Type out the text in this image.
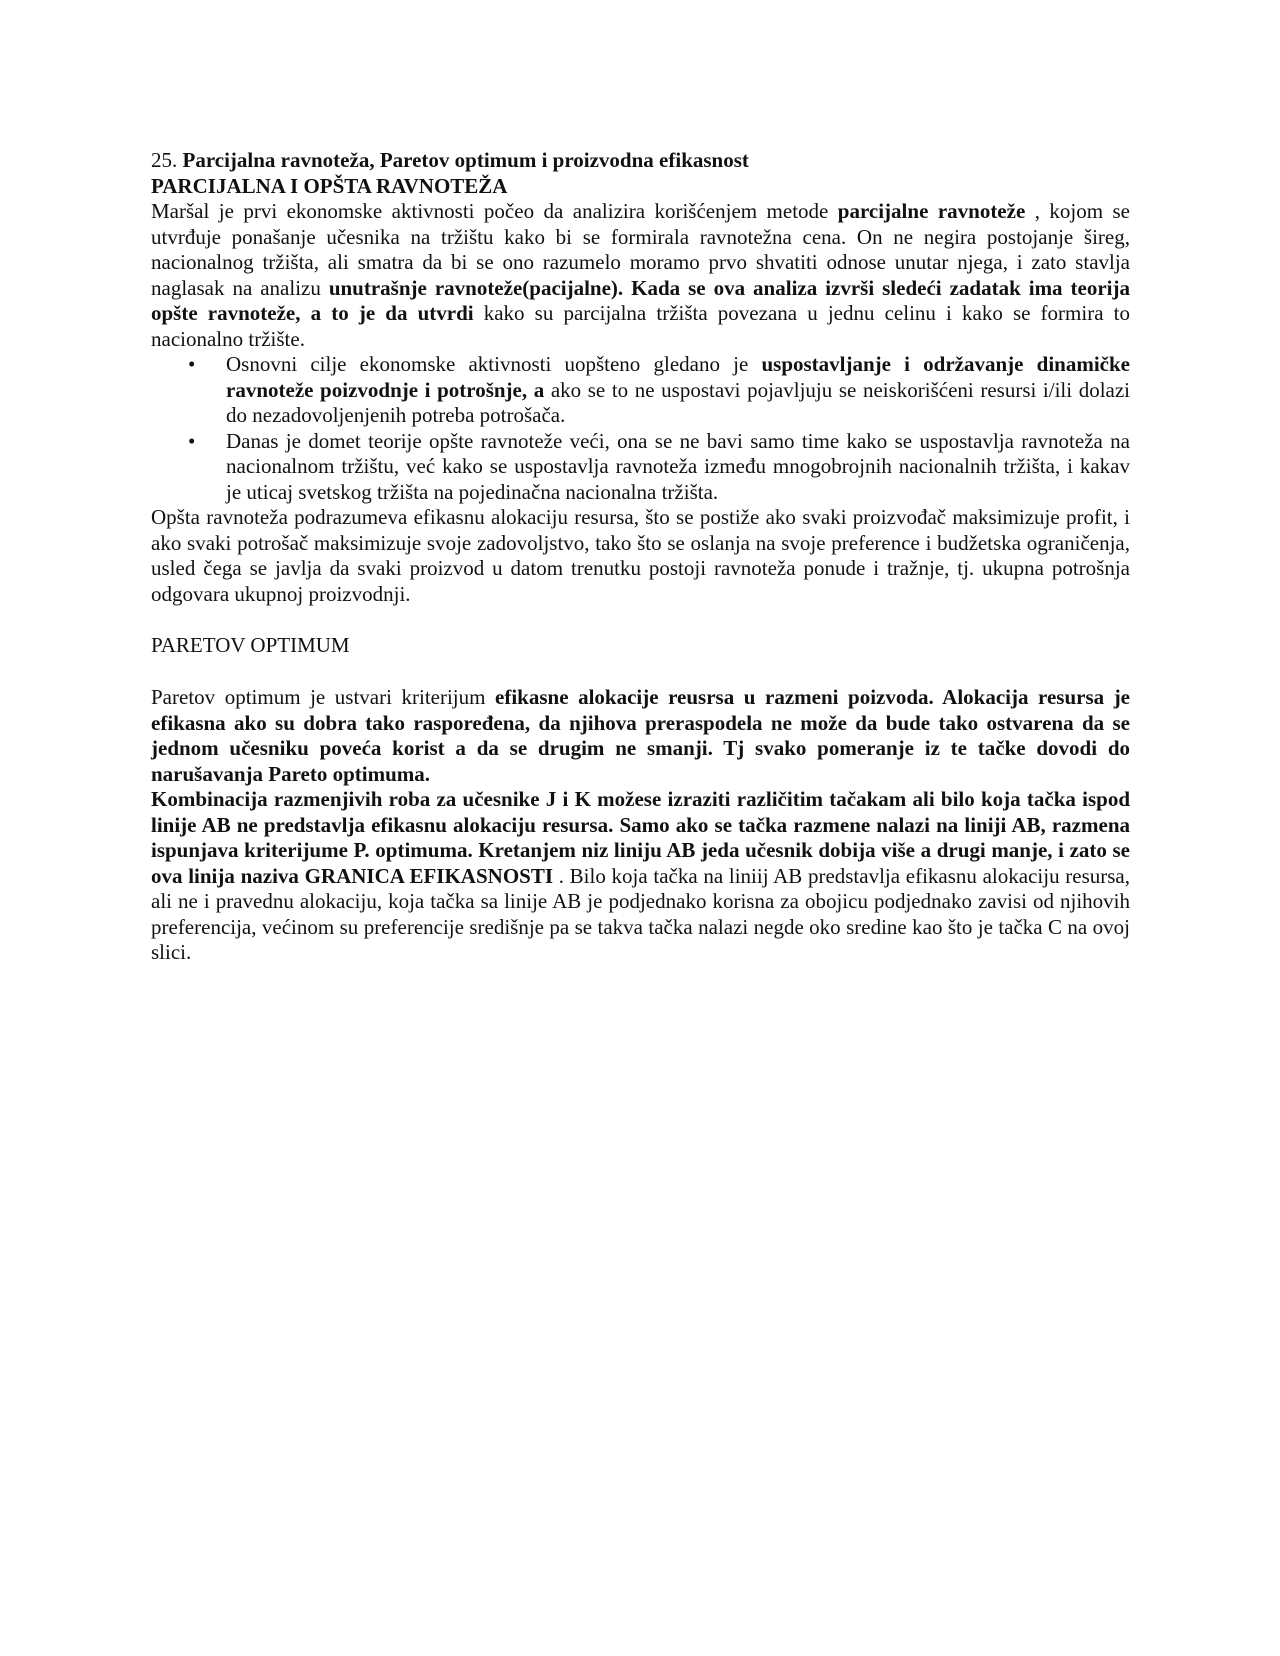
25. Parcijalna ravnoteža, Paretov optimum i proizvodna efikasnost

PARCIJALNA I OPŠTA RAVNOTEŽA

Maršal je prvi ekonomske aktivnosti počeo da analizira korišćenjem metode parcijalne ravnoteže , kojom se utvrđuje ponašanje učesnika na tržištu kako bi se formirala ravnotežna cena. On ne negira postojanje šireg, nacionalnog tržišta, ali smatra da bi se ono razumelo moramo prvo shvatiti odnose unutar njega, i zato stavlja naglasak na analizu unutrašnje ravnoteže(pacijalne). Kada se ova analiza izvrši sledeći zadatak ima teorija opšte ravnoteže, a to je da utvrdi kako su parcijalna tržišta povezana u jednu celinu i kako se formira to nacionalno tržište.

• Osnovni cilje ekonomske aktivnosti uopšteno gledano je uspostavljanje i održavanje dinamičke ravnoteže poizvodnje i potrošnje, a ako se to ne uspostavi pojavljuju se neiskorišćeni resursi i/ili dolazi do nezadovoljenjenih potreba potrošača.
• Danas je domet teorije opšte ravnoteže veći, ona se ne bavi samo time kako se uspostavlja ravnoteža na nacionalnom tržištu, već kako se uspostavlja ravnoteža između mnogobrojnih nacionalnih tržišta, i kakav je uticaj svetskog tržišta na pojedinačna nacionalna tržišta.

Opšta ravnoteža podrazumeva efikasnu alokaciju resursa, što se postiže ako svaki proizvođač maksimizuje profit, i ako svaki potrošač maksimizuje svoje zadovoljstvo, tako što se oslanja na svoje preference i budžetska ograničenja, usled čega se javlja da svaki proizvod u datom trenutku postoji ravnoteža ponude i tražnje, tj. ukupna potrošnja odgovara ukupnoj proizvodnji.

PARETOV OPTIMUM

Paretov optimum je ustvari kriterijum efikasne alokacije reusrsa u razmeni poizvoda. Alokacija resursa je efikasna ako su dobra tako raspoređena, da njihova preraspodela ne može da bude tako ostvarena da se jednom učesniku poveća korist a da se drugim ne smanji. Tj svako pomeranje iz te tačke dovodi do narušavanja Pareto optimuma.

Kombinacija razmenjivih roba za učesnike J i K možese izraziti različitim tačakam ali bilo koja tačka ispod linije AB ne predstavlja efikasnu alokaciju resursa. Samo ako se tačka razmene nalazi na liniji AB, razmena ispunjava kriterijume P. optimuma. Kretanjem niz liniju AB jeda učesnik dobija više a drugi manje, i zato se ova linija naziva GRANICA EFIKASNOSTI . Bilo koja tačka na liniij AB predstavlja efikasnu alokaciju resursa, ali ne i pravednu alokaciju, koja tačka sa linije AB je podjednako korisna za obojicu podjednako zavisi od njihovih preferencija, većinom su preferencije središnje pa se takva tačka nalazi negde oko sredine kao što je tačka C na ovoj slici.
